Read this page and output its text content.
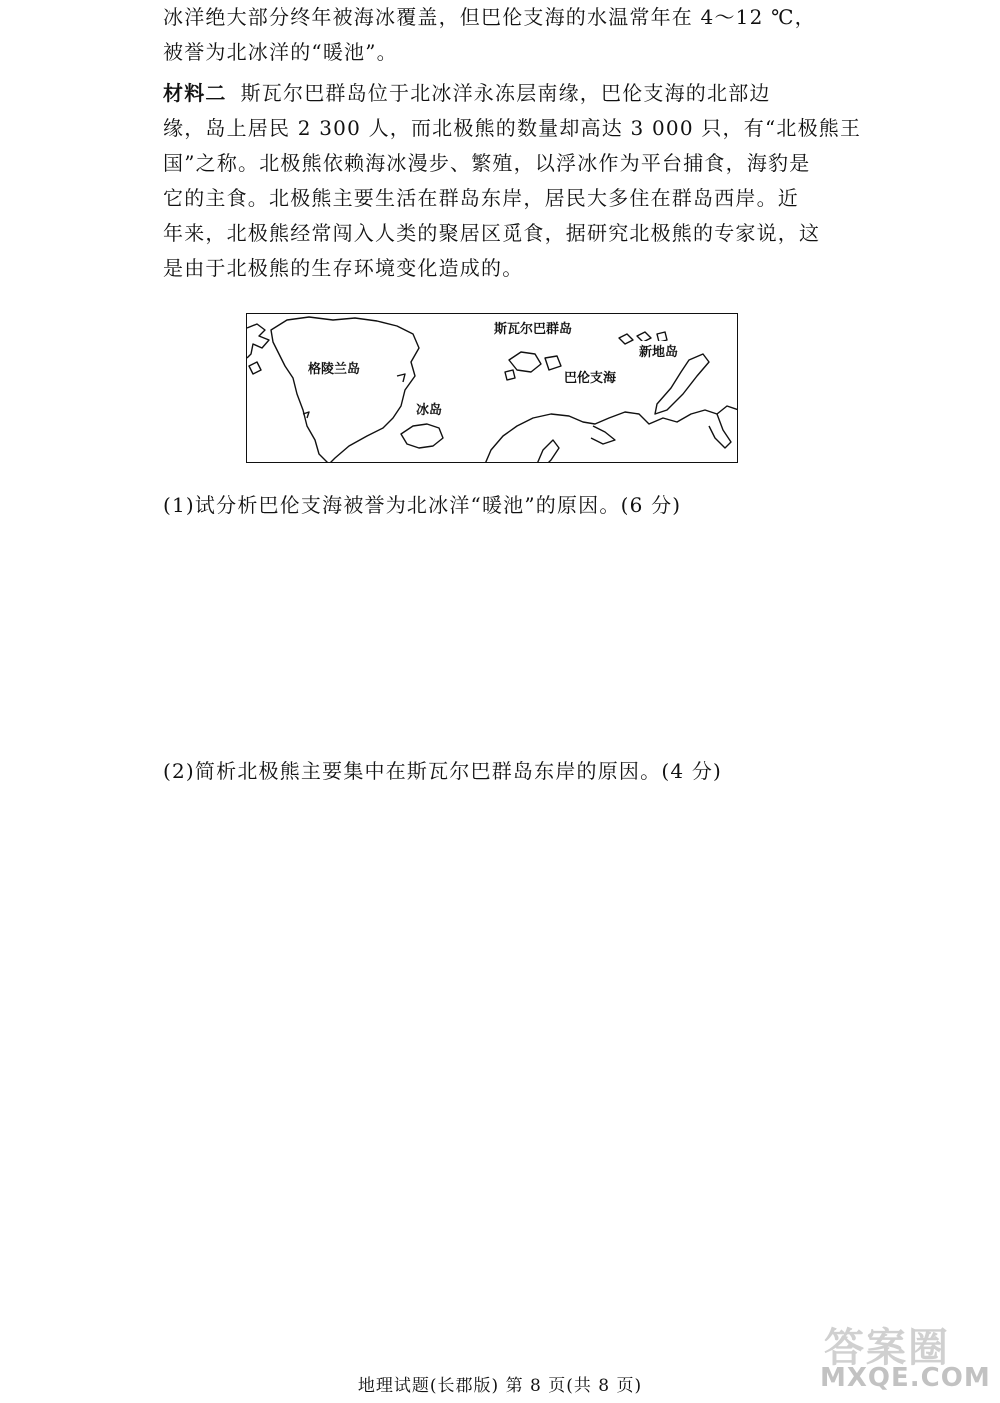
冰洋绝大部分终年被海冰覆盖，但巴伦支海的水温常年在 4～12 ℃，
被誉为北冰洋的“暖池”。
材料二 斯瓦尔巴群岛位于北冰洋永冻层南缘，巴伦支海的北部边
缘，岛上居民 2 300 人，而北极熊的数量却高达 3 000 只，有“北极熊王
国”之称。北极熊依赖海冰漫步、繁殖，以浮冰作为平台捕食，海豹是
它的主食。北极熊主要生活在群岛东岸，居民大多住在群岛西岸。近
年来，北极熊经常闯入人类的聚居区觅食，据研究北极熊的专家说，这
是由于北极熊的生存环境变化造成的。
格陵兰岛
斯瓦尔巴群岛
新地岛
巴伦支海
冰岛
(1)试分析巴伦支海被誉为北冰洋“暖池”的原因。(6 分)
(2)简析北极熊主要集中在斯瓦尔巴群岛东岸的原因。(4 分)
地理试题(长郡版) 第 8 页(共 8 页)
答案圈
MXQE.COM
